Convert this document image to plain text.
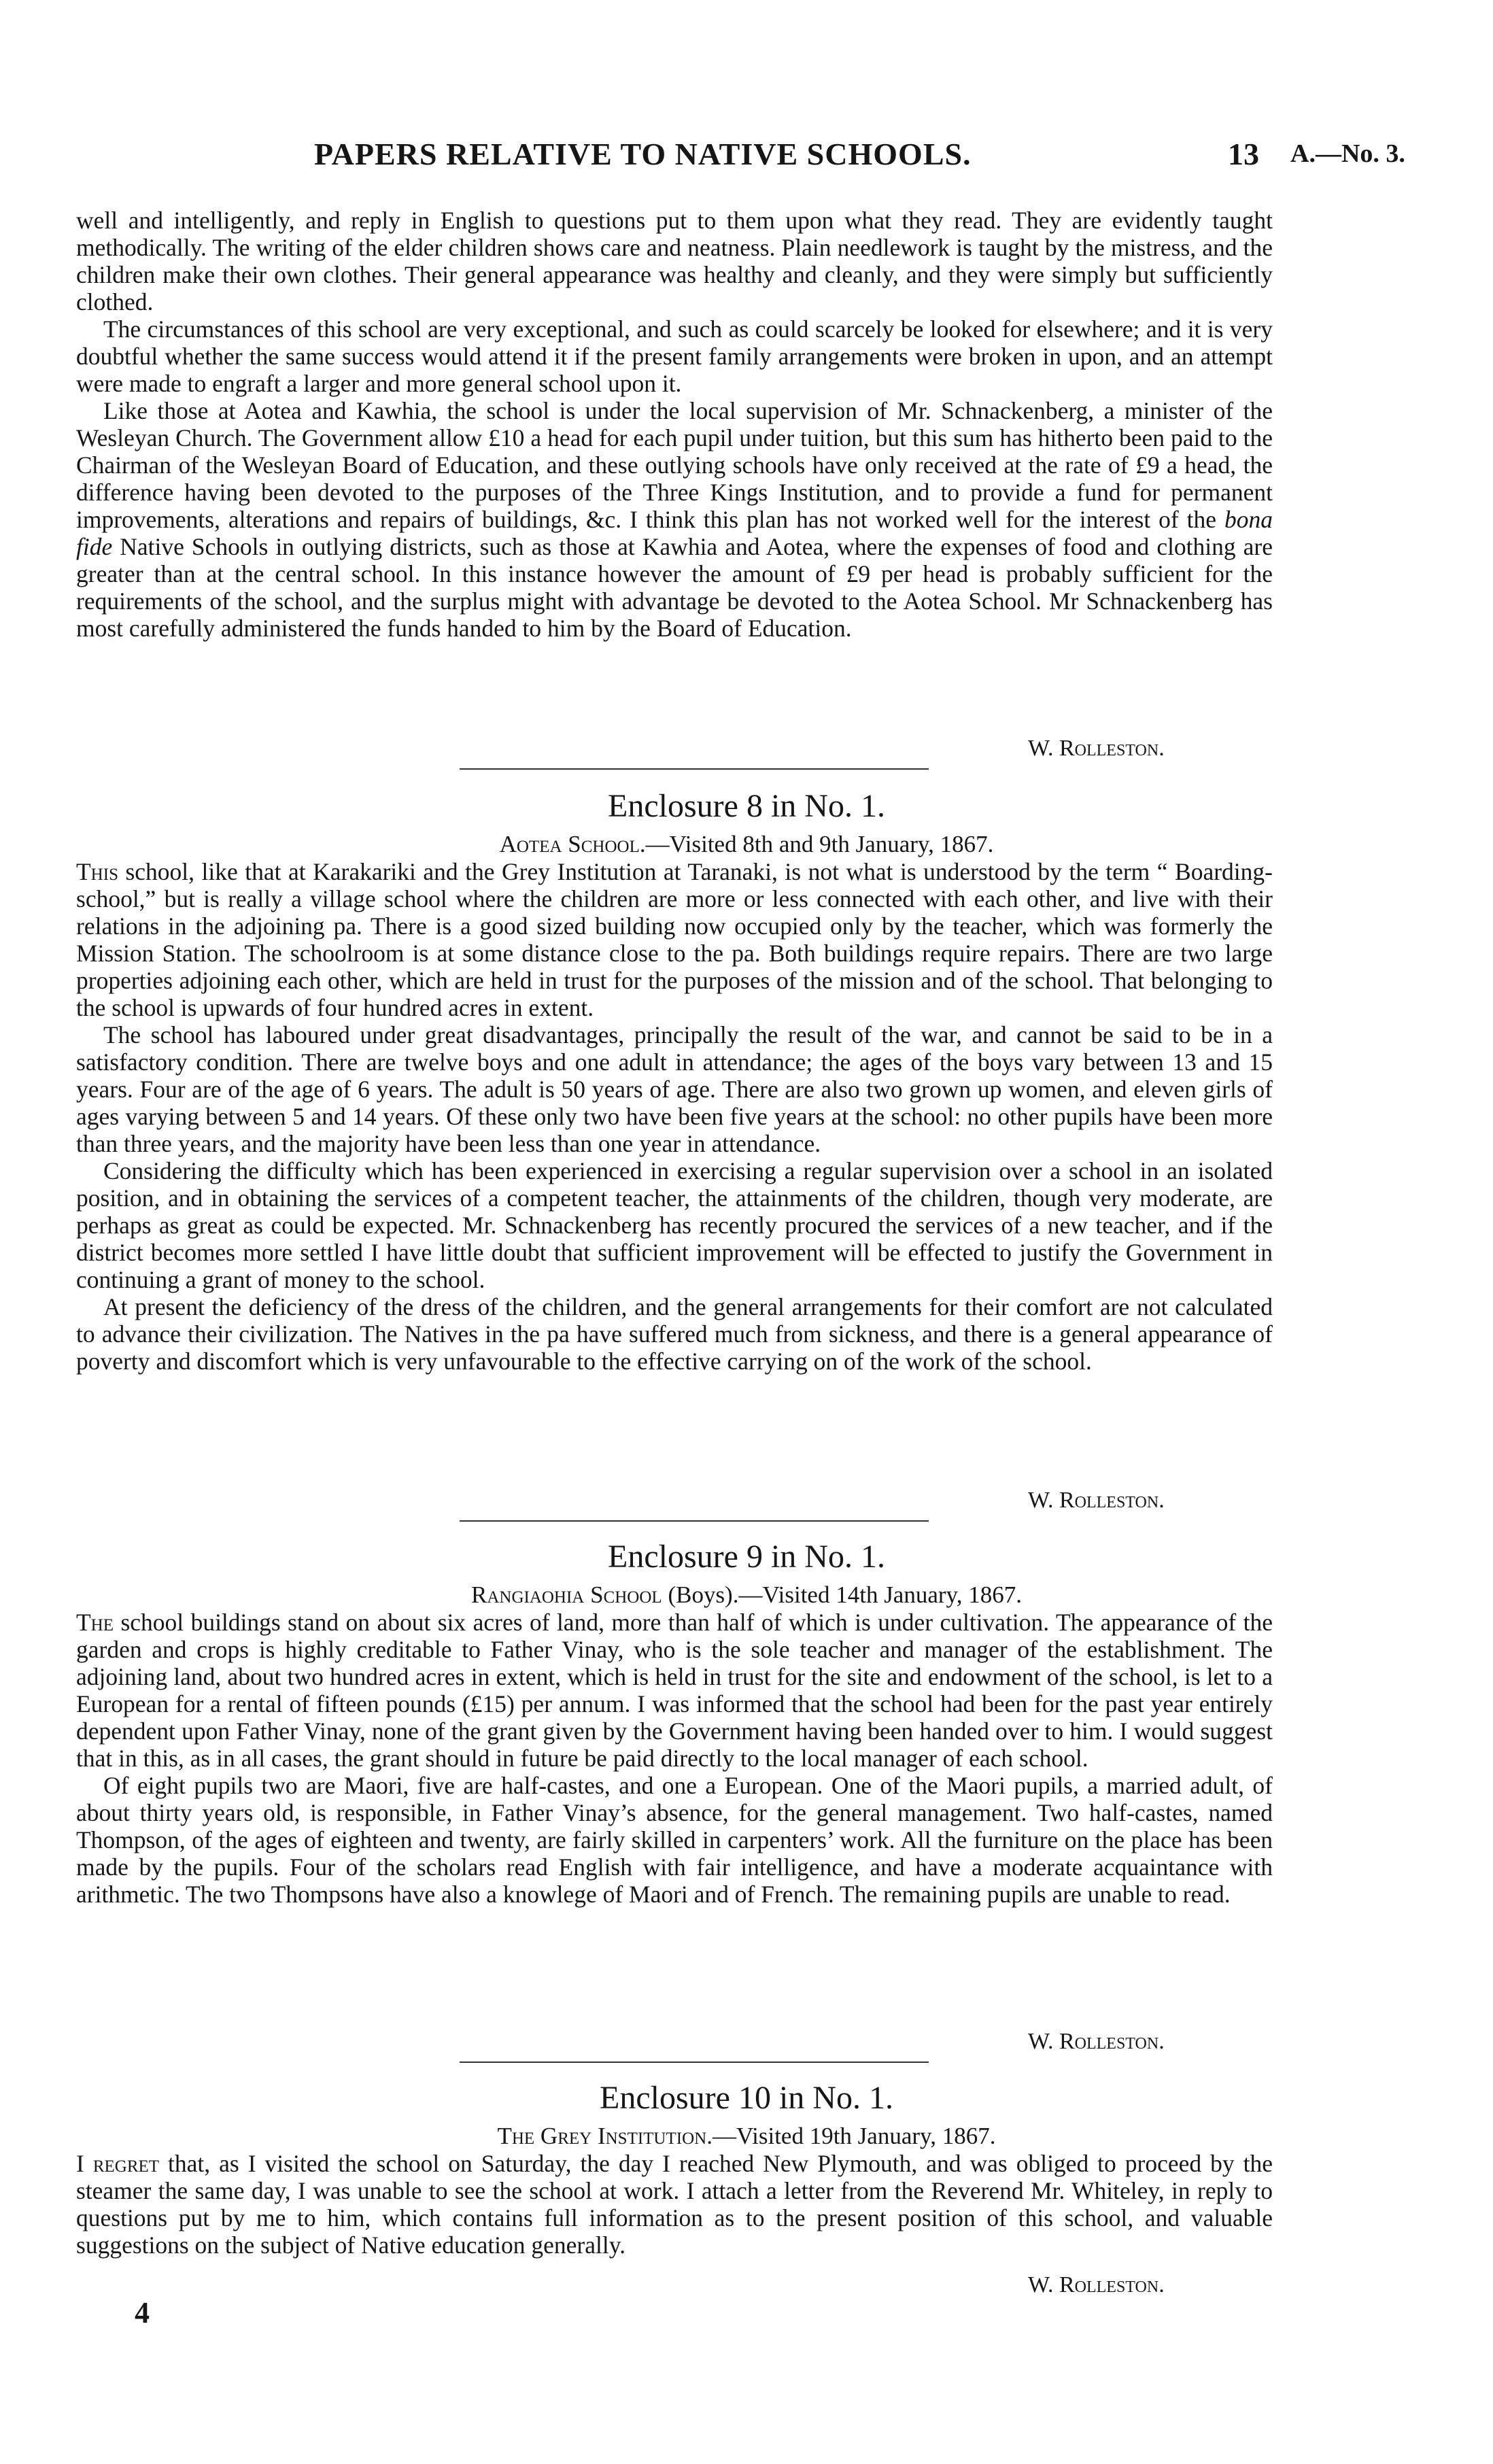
PAPERS RELATIVE TO NATIVE SCHOOLS.	13 A.—No. 3.

well and intelligently, and reply in English to questions put to them upon what they read. They are evidently taught methodically. The writing of the elder children shows care and neatness. Plain needlework is taught by the mistress, and the children make their own clothes. Their general appearance was healthy and cleanly, and they were simply but sufficiently clothed.

The circumstances of this school are very exceptional, and such as could scarcely be looked for elsewhere; and it is very doubtful whether the same success would attend it if the present family arrangements were broken in upon, and an attempt were made to engraft a larger and more general school upon it.

Like those at Aotea and Kawhia, the school is under the local supervision of Mr. Schnackenberg, a minister of the Wesleyan Church. The Government allow £10 a head for each pupil under tuition, but this sum has hitherto been paid to the Chairman of the Wesleyan Board of Education, and these outlying schools have only received at the rate of £9 a head, the difference having been devoted to the purposes of the Three Kings Institution, and to provide a fund for permanent improvements, alterations and repairs of buildings, &c. I think this plan has not worked well for the interest of the bona fide Native Schools in outlying districts, such as those at Kawhia and Aotea, where the expenses of food and clothing are greater than at the central school. In this instance however the amount of £9 per head is probably sufficient for the requirements of the school, and the surplus might with advantage be devoted to the Aotea School. Mr Schnackenberg has most carefully administered the funds handed to him by the Board of Education.

W. Rolleston.
Enclosure 8 in No. 1.
Aotea School.—Visited 8th and 9th January, 1867.

This school, like that at Karakariki and the Grey Institution at Taranaki, is not what is understood by the term “ Boarding-school,” but is really a village school where the children are more or less connected with each other, and live with their relations in the adjoining pa. There is a good sized building now occupied only by the teacher, which was formerly the Mission Station. The schoolroom is at some distance close to the pa. Both buildings require repairs. There are two large properties adjoining each other, which are held in trust for the purposes of the mission and of the school. That belonging to the school is upwards of four hundred acres in extent.

The school has laboured under great disadvantages, principally the result of the war, and cannot be said to be in a satisfactory condition. There are twelve boys and one adult in attendance; the ages of the boys vary between 13 and 15 years. Four are of the age of 6 years. The adult is 50 years of age. There are also two grown up women, and eleven girls of ages varying between 5 and 14 years. Of these only two have been five years at the school: no other pupils have been more than three years, and the majority have been less than one year in attendance.

Considering the difficulty which has been experienced in exercising a regular supervision over a school in an isolated position, and in obtaining the services of a competent teacher, the attainments of the children, though very moderate, are perhaps as great as could be expected. Mr. Schnackenberg has recently procured the services of a new teacher, and if the district becomes more settled I have little doubt that sufficient improvement will be effected to justify the Government in continuing a grant of money to the school.

At present the deficiency of the dress of the children, and the general arrangements for their comfort are not calculated to advance their civilization. The Natives in the pa have suffered much from sickness, and there is a general appearance of poverty and discomfort which is very unfavourable to the effective carrying on of the work of the school.

W. Rolleston.
Enclosure 9 in No. 1.
Rangiaohia School (Boys).—Visited 14th January, 1867.

The school buildings stand on about six acres of land, more than half of which is under cultivation. The appearance of the garden and crops is highly creditable to Father Vinay, who is the sole teacher and manager of the establishment. The adjoining land, about two hundred acres in extent, which is held in trust for the site and endowment of the school, is let to a European for a rental of fifteen pounds (£15) per annum. I was informed that the school had been for the past year entirely dependent upon Father Vinay, none of the grant given by the Government having been handed over to him. I would suggest that in this, as in all cases, the grant should in future be paid directly to the local manager of each school.

Of eight pupils two are Maori, five are half-castes, and one a European. One of the Maori pupils, a married adult, of about thirty years old, is responsible, in Father Vinay’s absence, for the general management. Two half-castes, named Thompson, of the ages of eighteen and twenty, are fairly skilled in carpenters’ work. All the furniture on the place has been made by the pupils. Four of the scholars read English with fair intelligence, and have a moderate acquaintance with arithmetic. The two Thompsons have also a knowlege of Maori and of French. The remaining pupils are unable to read.

W. Rolleston.
Enclosure 10 in No. 1.
The Grey Institution.—Visited 19th January, 1867.

I regret that, as I visited the school on Saturday, the day I reached New Plymouth, and was obliged to proceed by the steamer the same day, I was unable to see the school at work. I attach a letter from the Reverend Mr. Whiteley, in reply to questions put by me to him, which contains full information as to the present position of this school, and valuable suggestions on the subject of Native education generally.

W. Rolleston.
4
